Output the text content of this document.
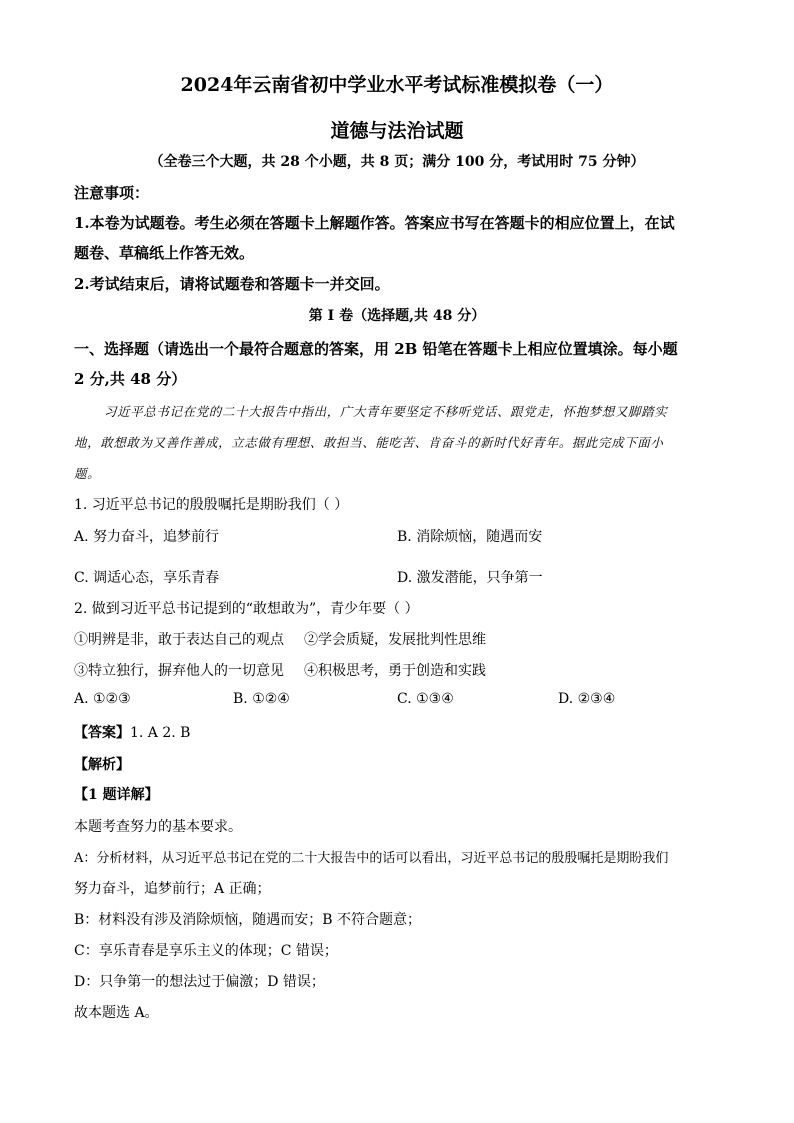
2024年云南省初中学业水平考试标准模拟卷（一）
道德与法治试题
（全卷三个大题，共 28 个小题，共 8 页；满分 100 分，考试用时 75 分钟）
注意事项：
1.本卷为试题卷。考生必须在答题卡上解题作答。答案应书写在答题卡的相应位置上，在试
题卷、草稿纸上作答无效。
2.考试结束后，请将试题卷和答题卡一并交回。
第 I 卷（选择题,共 48 分）
一、选择题（请选出一个最符合题意的答案，用 2B 铅笔在答题卡上相应位置填涂。每小题
2 分,共 48 分）
习近平总书记在党的二十大报告中指出，广大青年要坚定不移听党话、跟党走，怀抱梦想又脚踏实
地，敢想敢为又善作善成，立志做有理想、敢担当、能吃苦、肯奋斗的新时代好青年。据此完成下面小
题。
1. 习近平总书记的殷殷嘱托是期盼我们（ ）
A. 努力奋斗，追梦前行	B. 消除烦恼，随遇而安
C. 调适心态，享乐青春	D. 激发潜能，只争第一
2. 做到习近平总书记提到的“敢想敢为”，青少年要（ ）
①明辨是非，敢于表达自己的观点 ②学会质疑，发展批判性思维
③特立独行，摒弃他人的一切意见 ④积极思考，勇于创造和实践
A. ①②③	B. ①②④	C. ①③④	D. ②③④
【答案】1. A 2. B
【解析】
【1 题详解】
本题考查努力的基本要求。
A：分析材料，从习近平总书记在党的二十大报告中的话可以看出，习近平总书记的殷殷嘱托是期盼我们
努力奋斗，追梦前行；A 正确；
B：材料没有涉及消除烦恼，随遇而安；B 不符合题意；
C：享乐青春是享乐主义的体现；C 错误；
D：只争第一的想法过于偏激；D 错误；
故本题选 A。
